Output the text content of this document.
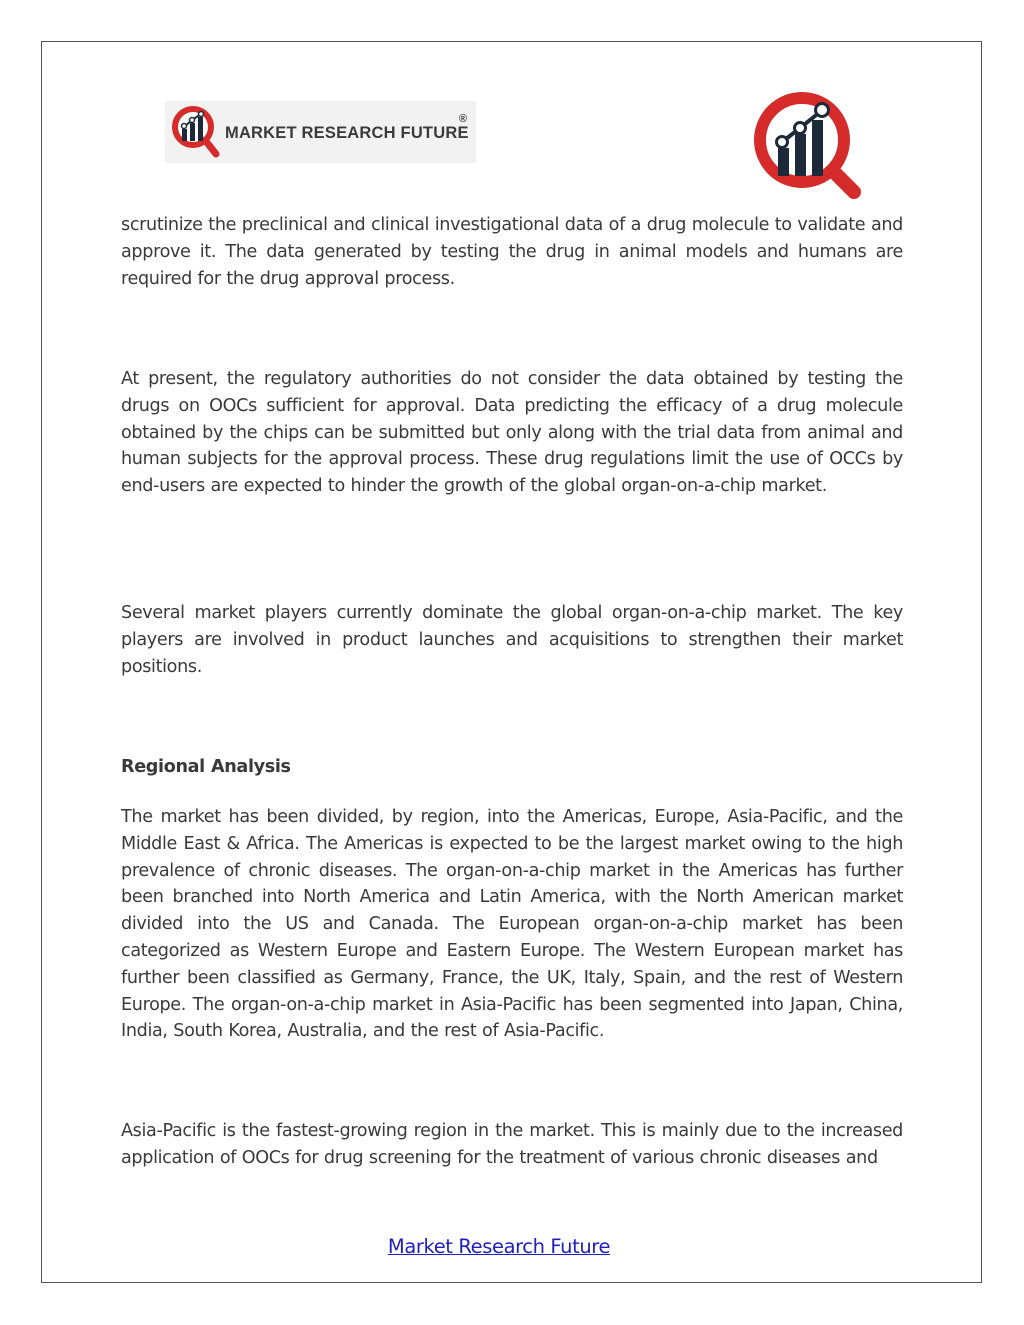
MARKET RESEARCH FUTURE
®

scrutinize the preclinical and clinical investigational data of a drug molecule to validate and approve it. The data generated by testing the drug in animal models and humans are required for the drug approval process.

At present, the regulatory authorities do not consider the data obtained by testing the drugs on OOCs sufficient for approval. Data predicting the efficacy of a drug molecule obtained by the chips can be submitted but only along with the trial data from animal and human subjects for the approval process. These drug regulations limit the use of OCCs by end-users are expected to hinder the growth of the global organ-on-a-chip market.

Several market players currently dominate the global organ-on-a-chip market. The key players are involved in product launches and acquisitions to strengthen their market positions.

Regional Analysis

The market has been divided, by region, into the Americas, Europe, Asia-Pacific, and the Middle East & Africa. The Americas is expected to be the largest market owing to the high prevalence of chronic diseases. The organ-on-a-chip market in the Americas has further been branched into North America and Latin America, with the North American market divided into the US and Canada. The European organ-on-a-chip market has been categorized as Western Europe and Eastern Europe. The Western European market has further been classified as Germany, France, the UK, Italy, Spain, and the rest of Western Europe. The organ-on-a-chip market in Asia-Pacific has been segmented into Japan, China, India, South Korea, Australia, and the rest of Asia-Pacific.

Asia-Pacific is the fastest-growing region in the market. This is mainly due to the increased application of OOCs for drug screening for the treatment of various chronic diseases and

Market Research Future
